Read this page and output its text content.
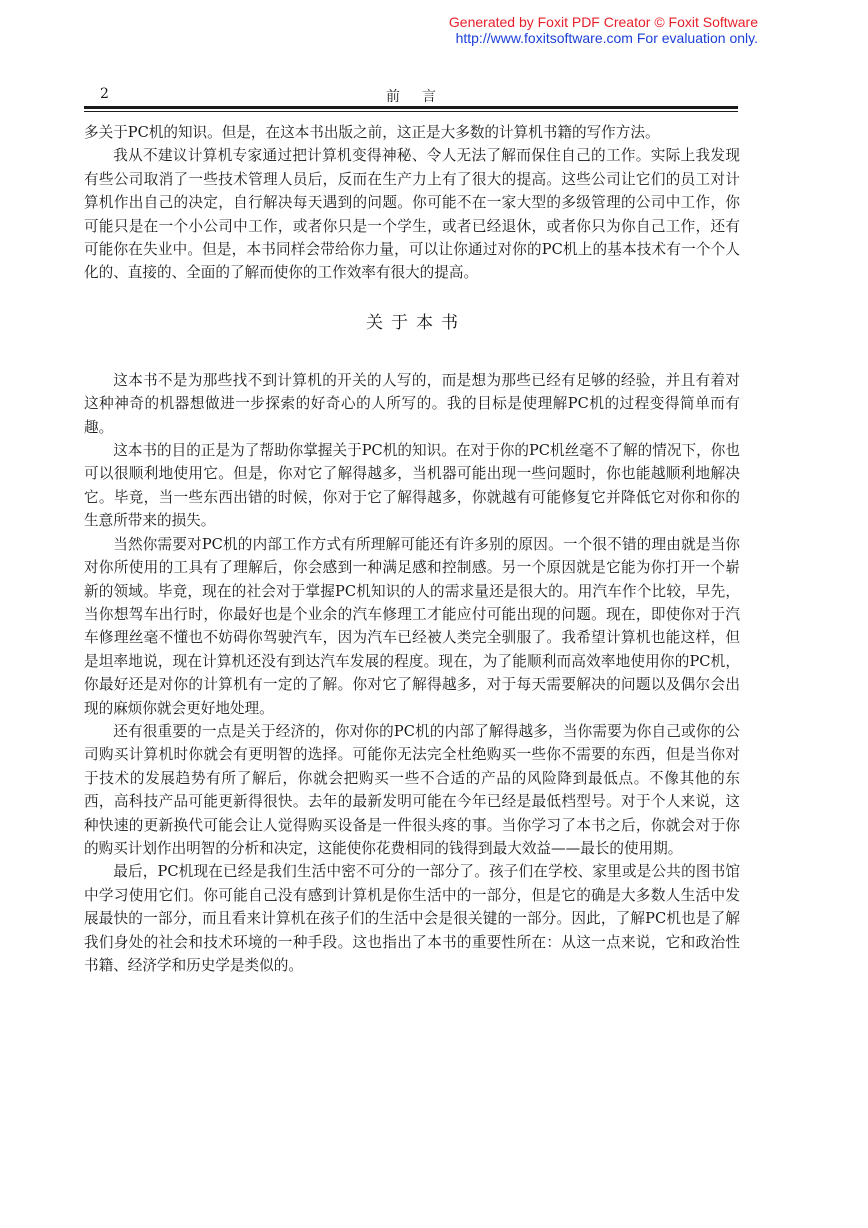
Generated by Foxit PDF Creator © Foxit Software
http://www.foxitsoftware.com For evaluation only.
2	前言

多关于PC机的知识。但是，在这本书出版之前，这正是大多数的计算机书籍的写作方法。

我从不建议计算机专家通过把计算机变得神秘、令人无法了解而保住自己的工作。实际上我发现有些公司取消了一些技术管理人员后，反而在生产力上有了很大的提高。这些公司让它们的员工对计算机作出自己的决定，自行解决每天遇到的问题。你可能不在一家大型的多级管理的公司中工作，你可能只是在一个小公司中工作，或者你只是一个学生，或者已经退休，或者你只为你自己工作，还有可能你在失业中。但是，本书同样会带给你力量，可以让你通过对你的PC机上的基本技术有一个个人化的、直接的、全面的了解而使你的工作效率有很大的提高。

关于本书

这本书不是为那些找不到计算机的开关的人写的，而是想为那些已经有足够的经验，并且有着对这种神奇的机器想做进一步探索的好奇心的人所写的。我的目标是使理解PC机的过程变得简单而有趣。

这本书的目的正是为了帮助你掌握关于PC机的知识。在对于你的PC机丝毫不了解的情况下，你也可以很顺利地使用它。但是，你对它了解得越多，当机器可能出现一些问题时，你也能越顺利地解决它。毕竟，当一些东西出错的时候，你对于它了解得越多，你就越有可能修复它并降低它对你和你的生意所带来的损失。

当然你需要对PC机的内部工作方式有所理解可能还有许多别的原因。一个很不错的理由就是当你对你所使用的工具有了理解后，你会感到一种满足感和控制感。另一个原因就是它能为你打开一个崭新的领域。毕竟，现在的社会对于掌握PC机知识的人的需求量还是很大的。用汽车作个比较，早先，当你想驾车出行时，你最好也是个业余的汽车修理工才能应付可能出现的问题。现在，即使你对于汽车修理丝毫不懂也不妨碍你驾驶汽车，因为汽车已经被人类完全驯服了。我希望计算机也能这样，但是坦率地说，现在计算机还没有到达汽车发展的程度。现在，为了能顺利而高效率地使用你的PC机，你最好还是对你的计算机有一定的了解。你对它了解得越多，对于每天需要解决的问题以及偶尔会出现的麻烦你就会更好地处理。

还有很重要的一点是关于经济的，你对你的PC机的内部了解得越多，当你需要为你自己或你的公司购买计算机时你就会有更明智的选择。可能你无法完全杜绝购买一些你不需要的东西，但是当你对于技术的发展趋势有所了解后，你就会把购买一些不合适的产品的风险降到最低点。不像其他的东西，高科技产品可能更新得很快。去年的最新发明可能在今年已经是最低档型号。对于个人来说，这种快速的更新换代可能会让人觉得购买设备是一件很头疼的事。当你学习了本书之后，你就会对于你的购买计划作出明智的分析和决定，这能使你花费相同的钱得到最大效益——最长的使用期。

最后，PC机现在已经是我们生活中密不可分的一部分了。孩子们在学校、家里或是公共的图书馆中学习使用它们。你可能自己没有感到计算机是你生活中的一部分，但是它的确是大多数人生活中发展最快的一部分，而且看来计算机在孩子们的生活中会是很关键的一部分。因此，了解PC机也是了解我们身处的社会和技术环境的一种手段。这也指出了本书的重要性所在：从这一点来说，它和政治性书籍、经济学和历史学是类似的。
